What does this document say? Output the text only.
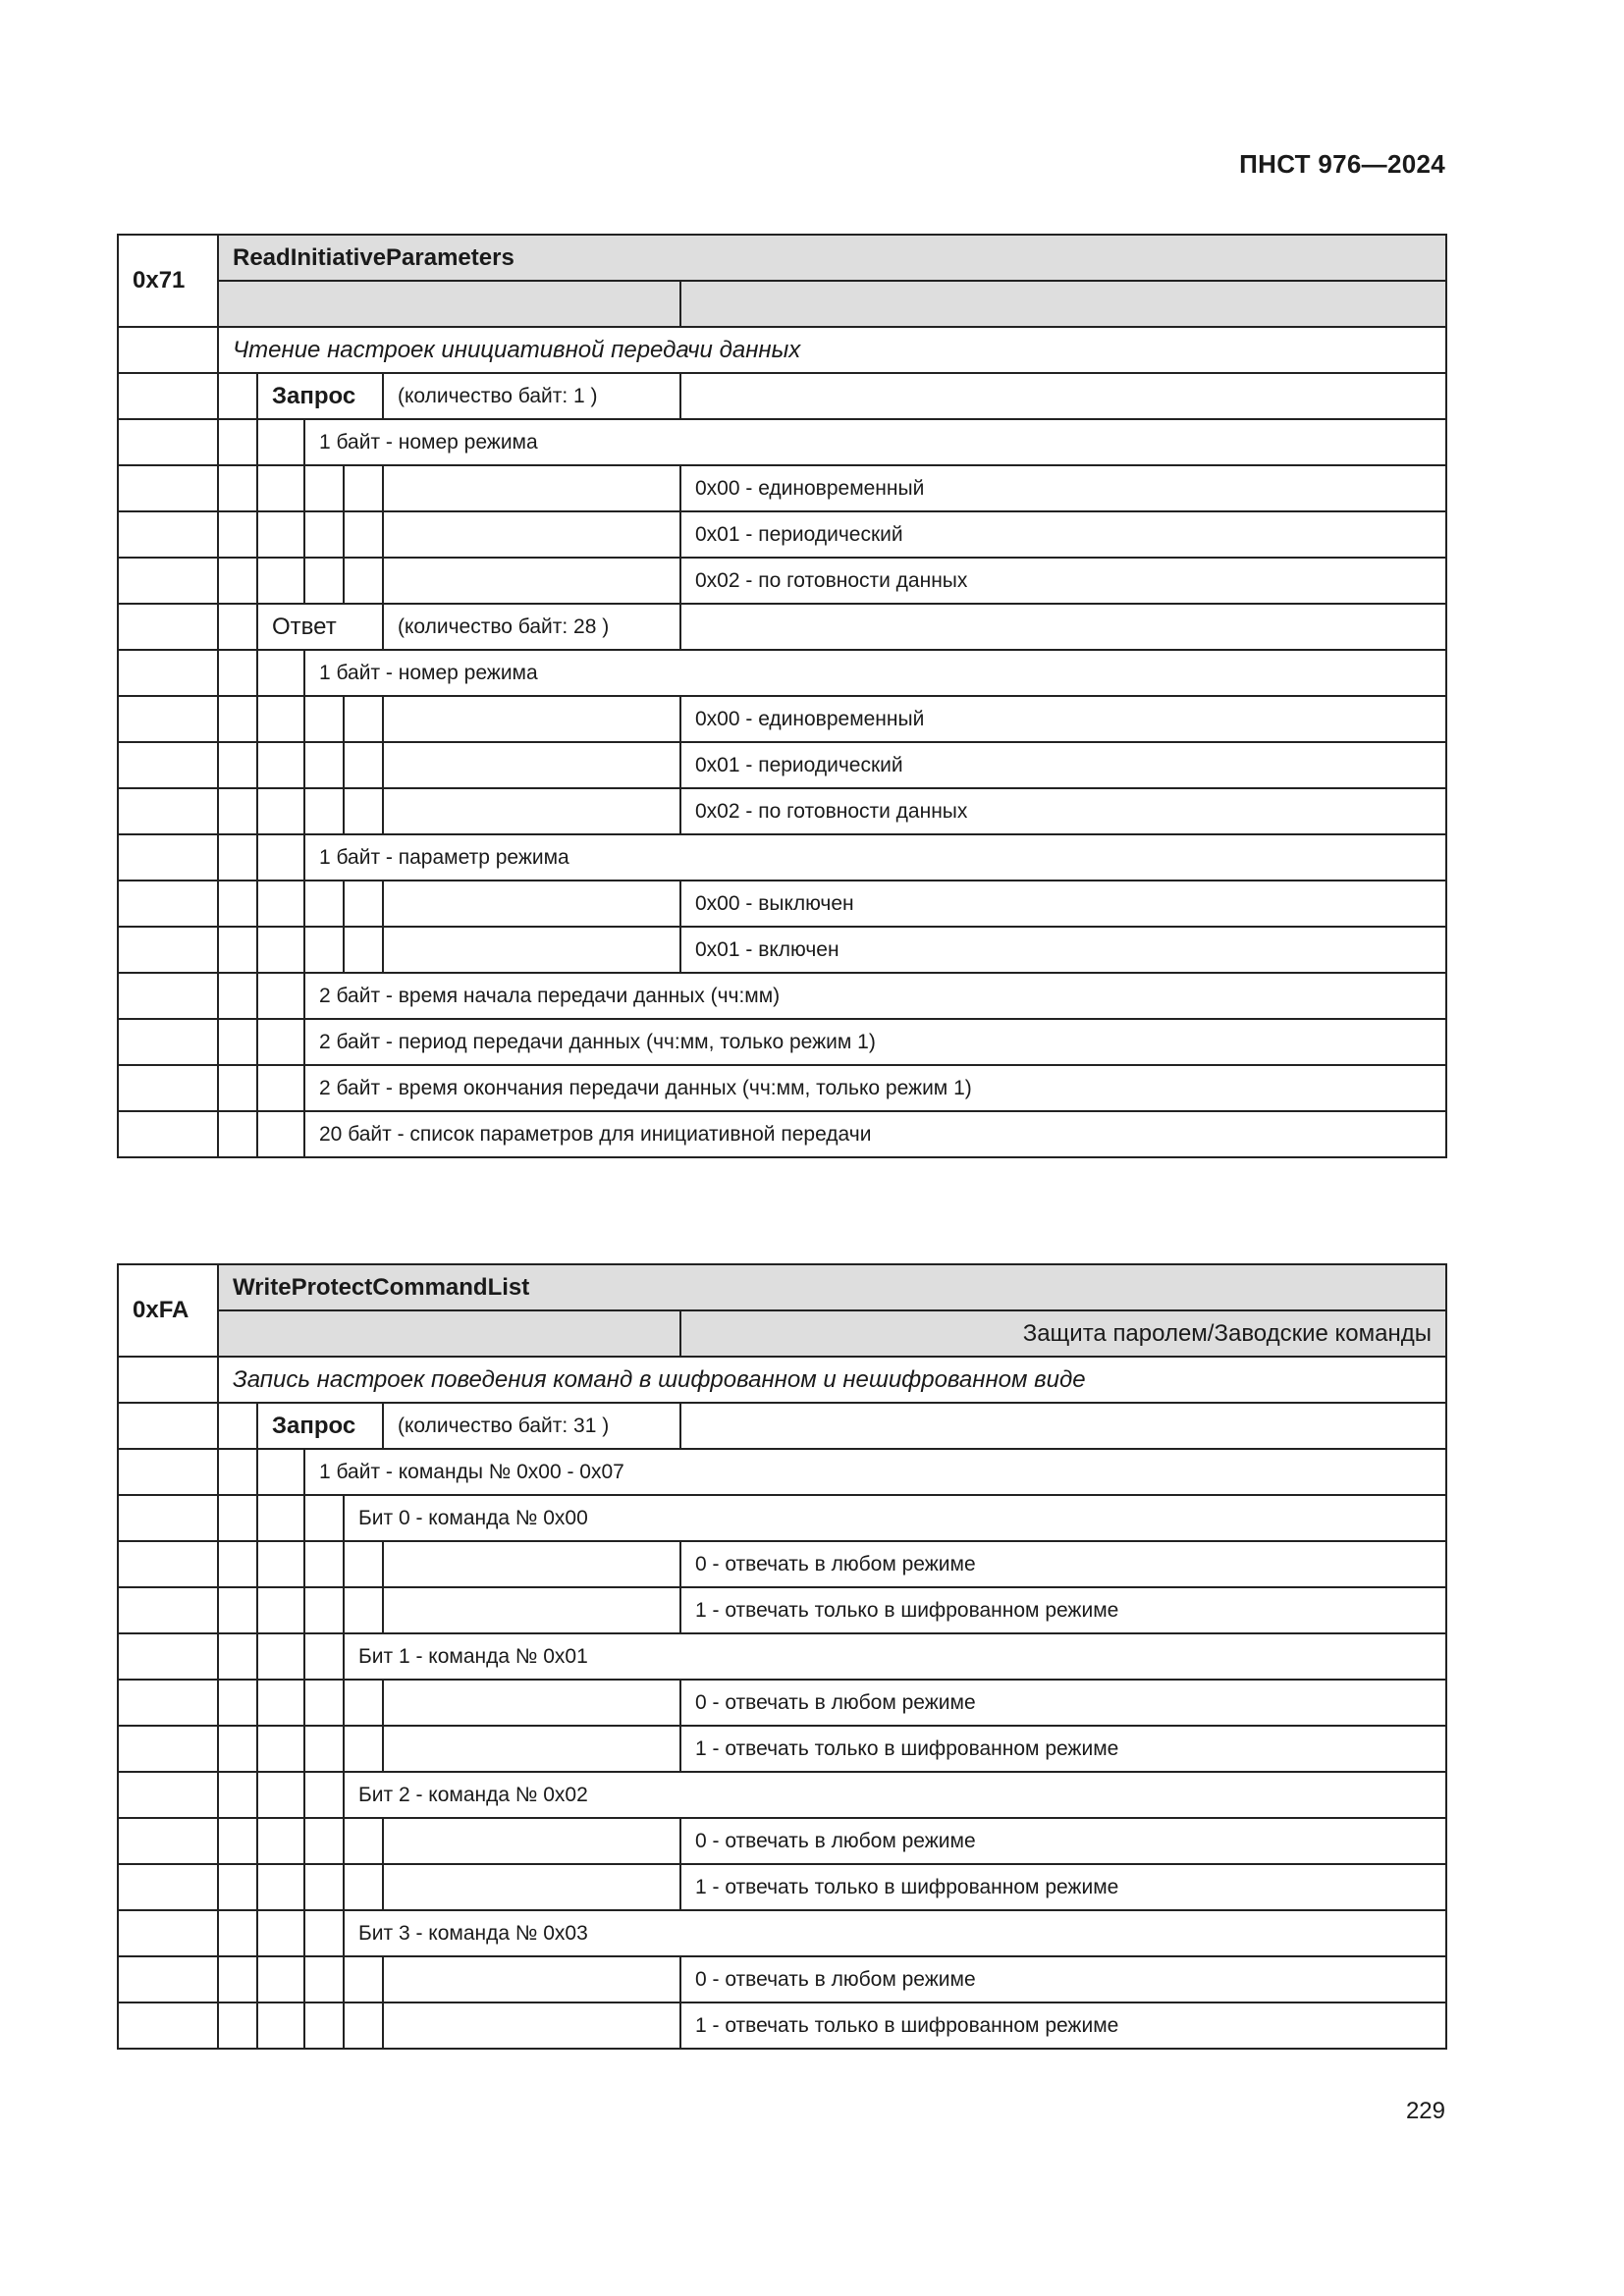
ПНСТ 976—2024
0x71	ReadInitiativeParameters					

	Чтение настроек инициативной передачи данных					
		Запрос			(количество байт: 1 )	
			1 байт - номер режима			
						0x00 - единовременный
						0x01 - периодический
						0x02 - по готовности данных
		Ответ			(количество байт: 28 )	
			1 байт - номер режима			
						0x00 - единовременный
						0x01 - периодический
						0x02 - по готовности данных
			1 байт - параметр режима			
						0x00 - выключен
						0x01 - включен
			2 байт - время начала передачи данных (чч:мм)			
			2 байт - период передачи данных (чч:мм, только режим 1)			
			2 байт - время окончания передачи данных (чч:мм, только режим 1)			
			20 байт - список параметров для инициативной передачи			
0xFA	WriteProtectCommandList					
						Защита паролем/Заводские команды
	Запись настроек поведения команд в шифрованном и нешифрованном виде					
		Запрос			(количество байт: 31 )	
			1 байт - команды № 0x00 - 0x07			
				Бит 0 - команда № 0x00		
						0 - отвечать в любом режиме
						1 - отвечать только в шифрованном режиме
				Бит 1 - команда № 0x01		
						0 - отвечать в любом режиме
						1 - отвечать только в шифрованном режиме
				Бит 2 - команда № 0x02		
						0 - отвечать в любом режиме
						1 - отвечать только в шифрованном режиме
				Бит 3 - команда № 0x03		
						0 - отвечать в любом режиме
						1 - отвечать только в шифрованном режиме
229
